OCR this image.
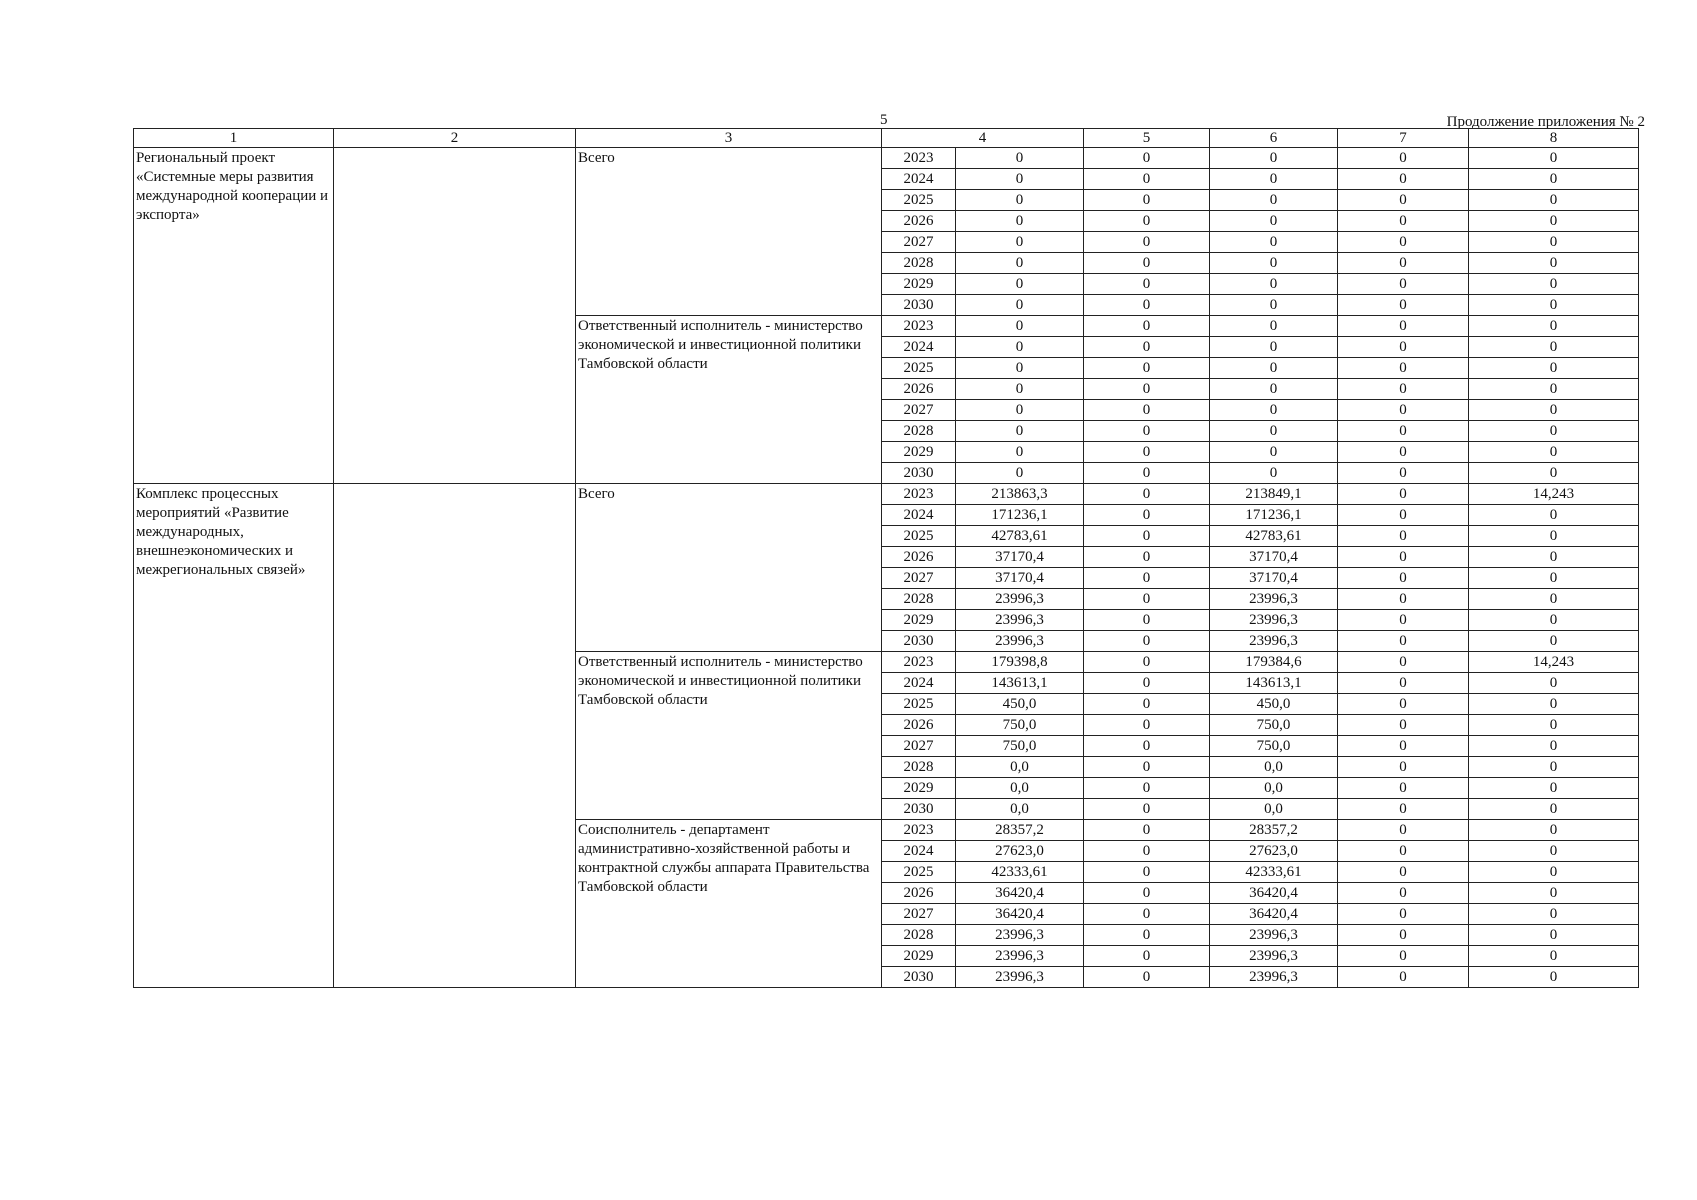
5	Продолжение приложения № 2
1	2	3	4		5	6	7	8
Региональный проект «Системные меры развития международной кооперации и экспорта»		Всего	2023	0	0	0	0	0
			2024	0	0	0	0	0
			2025	0	0	0	0	0
			2026	0	0	0	0	0
			2027	0	0	0	0	0
			2028	0	0	0	0	0
			2029	0	0	0	0	0
			2030	0	0	0	0	0
		Ответственный исполнитель - министерство экономической и инвестиционной политики Тамбовской области	2023	0	0	0	0	0
			2024	0	0	0	0	0
			2025	0	0	0	0	0
			2026	0	0	0	0	0
			2027	0	0	0	0	0
			2028	0	0	0	0	0
			2029	0	0	0	0	0
			2030	0	0	0	0	0
Комплекс процессных мероприятий «Развитие международных, внешнеэкономических и межрегиональных связей»		Всего	2023	213863,3	0	213849,1	0	14,243
			2024	171236,1	0	171236,1	0	0
			2025	42783,61	0	42783,61	0	0
			2026	37170,4	0	37170,4	0	0
			2027	37170,4	0	37170,4	0	0
			2028	23996,3	0	23996,3	0	0
			2029	23996,3	0	23996,3	0	0
			2030	23996,3	0	23996,3	0	0
		Ответственный исполнитель - министерство экономической и инвестиционной политики Тамбовской области	2023	179398,8	0	179384,6	0	14,243
			2024	143613,1	0	143613,1	0	0
			2025	450,0	0	450,0	0	0
			2026	750,0	0	750,0	0	0
			2027	750,0	0	750,0	0	0
			2028	0,0	0	0,0	0	0
			2029	0,0	0	0,0	0	0
			2030	0,0	0	0,0	0	0
		Соисполнитель - департамент административно-хозяйственной работы и контрактной службы аппарата Правительства Тамбовской области	2023	28357,2	0	28357,2	0	0
			2024	27623,0	0	27623,0	0	0
			2025	42333,61	0	42333,61	0	0
			2026	36420,4	0	36420,4	0	0
			2027	36420,4	0	36420,4	0	0
			2028	23996,3	0	23996,3	0	0
			2029	23996,3	0	23996,3	0	0
			2030	23996,3	0	23996,3	0	0
